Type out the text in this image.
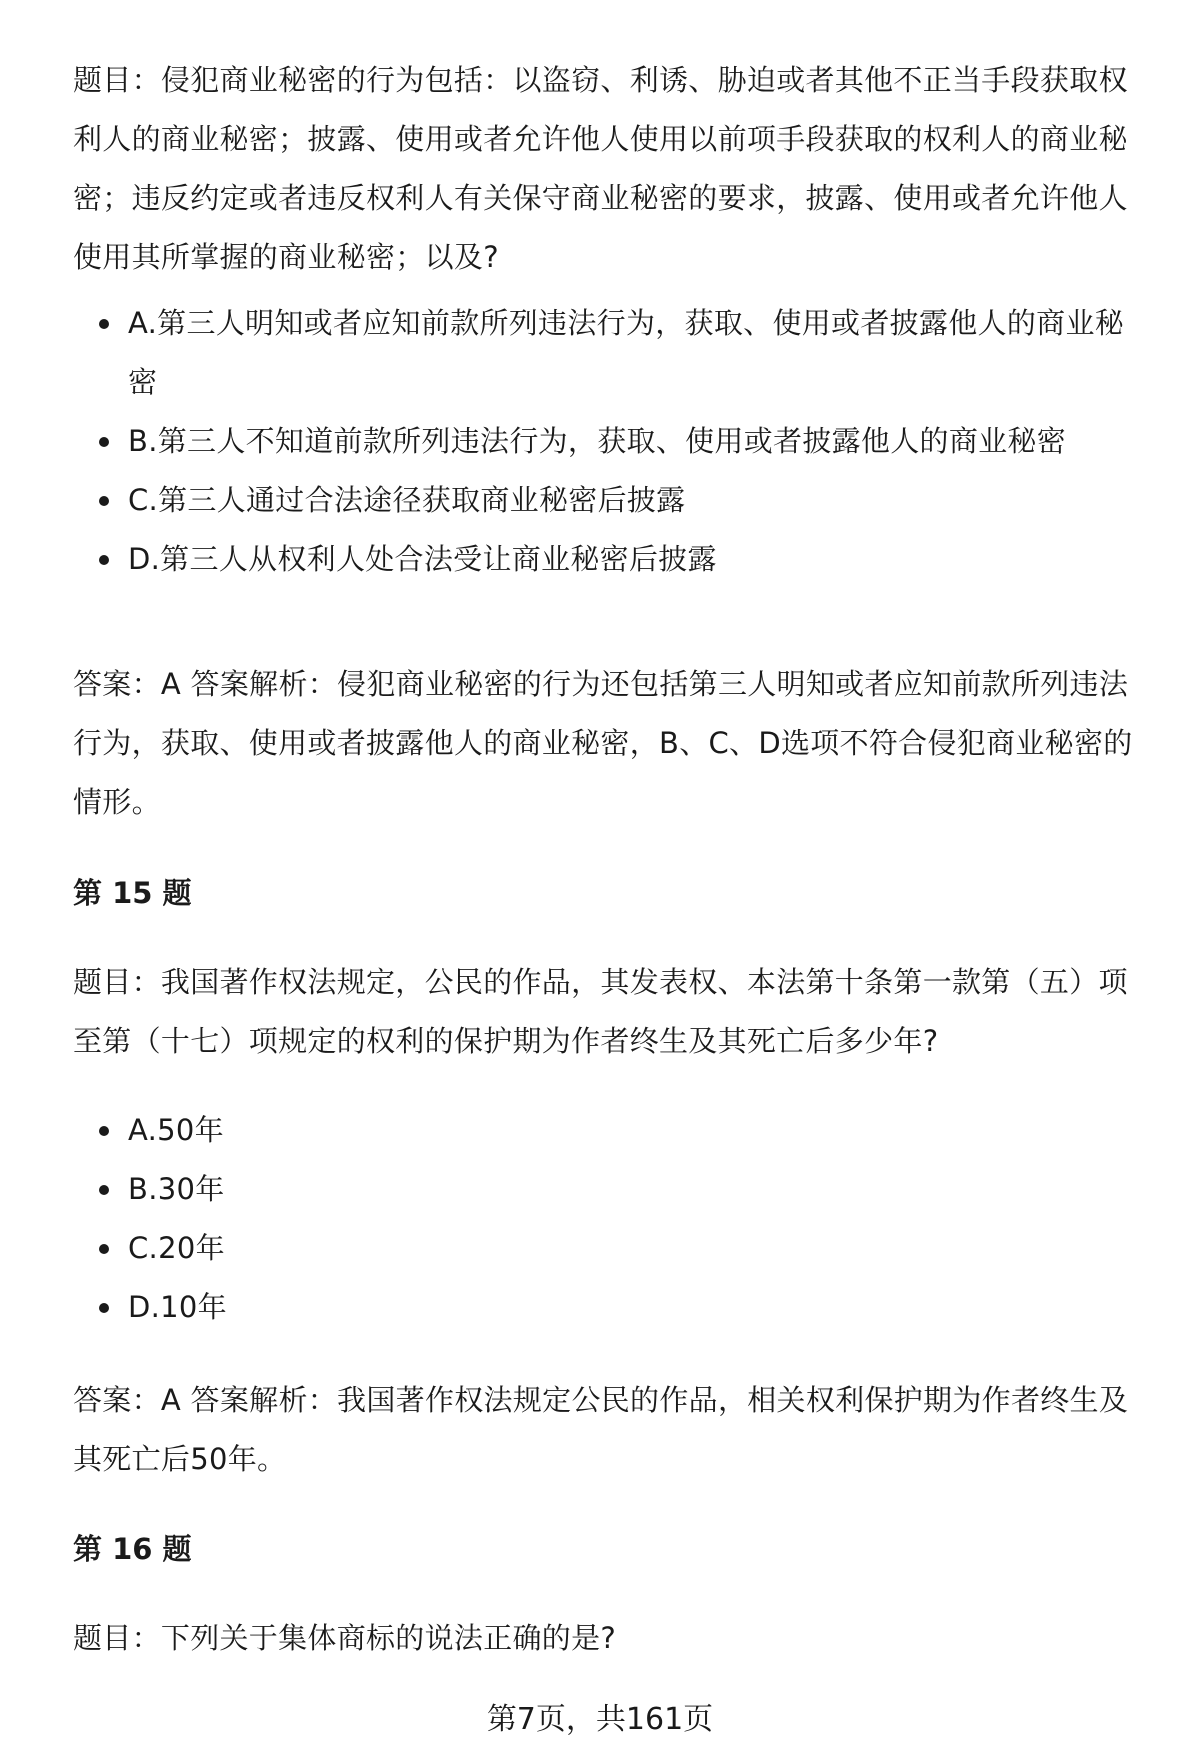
题目：侵犯商业秘密的行为包括：以盗窃、利诱、胁迫或者其他不正当手段获取权利人的商业秘密；披露、使用或者允许他人使用以前项手段获取的权利人的商业秘密；违反约定或者违反权利人有关保守商业秘密的要求，披露、使用或者允许他人使用其所掌握的商业秘密；以及?

A.第三人明知或者应知前款所列违法行为，获取、使用或者披露他人的商业秘密
B.第三人不知道前款所列违法行为，获取、使用或者披露他人的商业秘密
C.第三人通过合法途径获取商业秘密后披露
D.第三人从权利人处合法受让商业秘密后披露

答案：A 答案解析：侵犯商业秘密的行为还包括第三人明知或者应知前款所列违法行为，获取、使用或者披露他人的商业秘密，B、C、D选项不符合侵犯商业秘密的情形。

第 15 题

题目：我国著作权法规定，公民的作品，其发表权、本法第十条第一款第（五）项至第（十七）项规定的权利的保护期为作者终生及其死亡后多少年?

A.50年
B.30年
C.20年
D.10年

答案：A 答案解析：我国著作权法规定公民的作品，相关权利保护期为作者终生及其死亡后50年。

第 16 题

题目：下列关于集体商标的说法正确的是?

第7页，共161页
